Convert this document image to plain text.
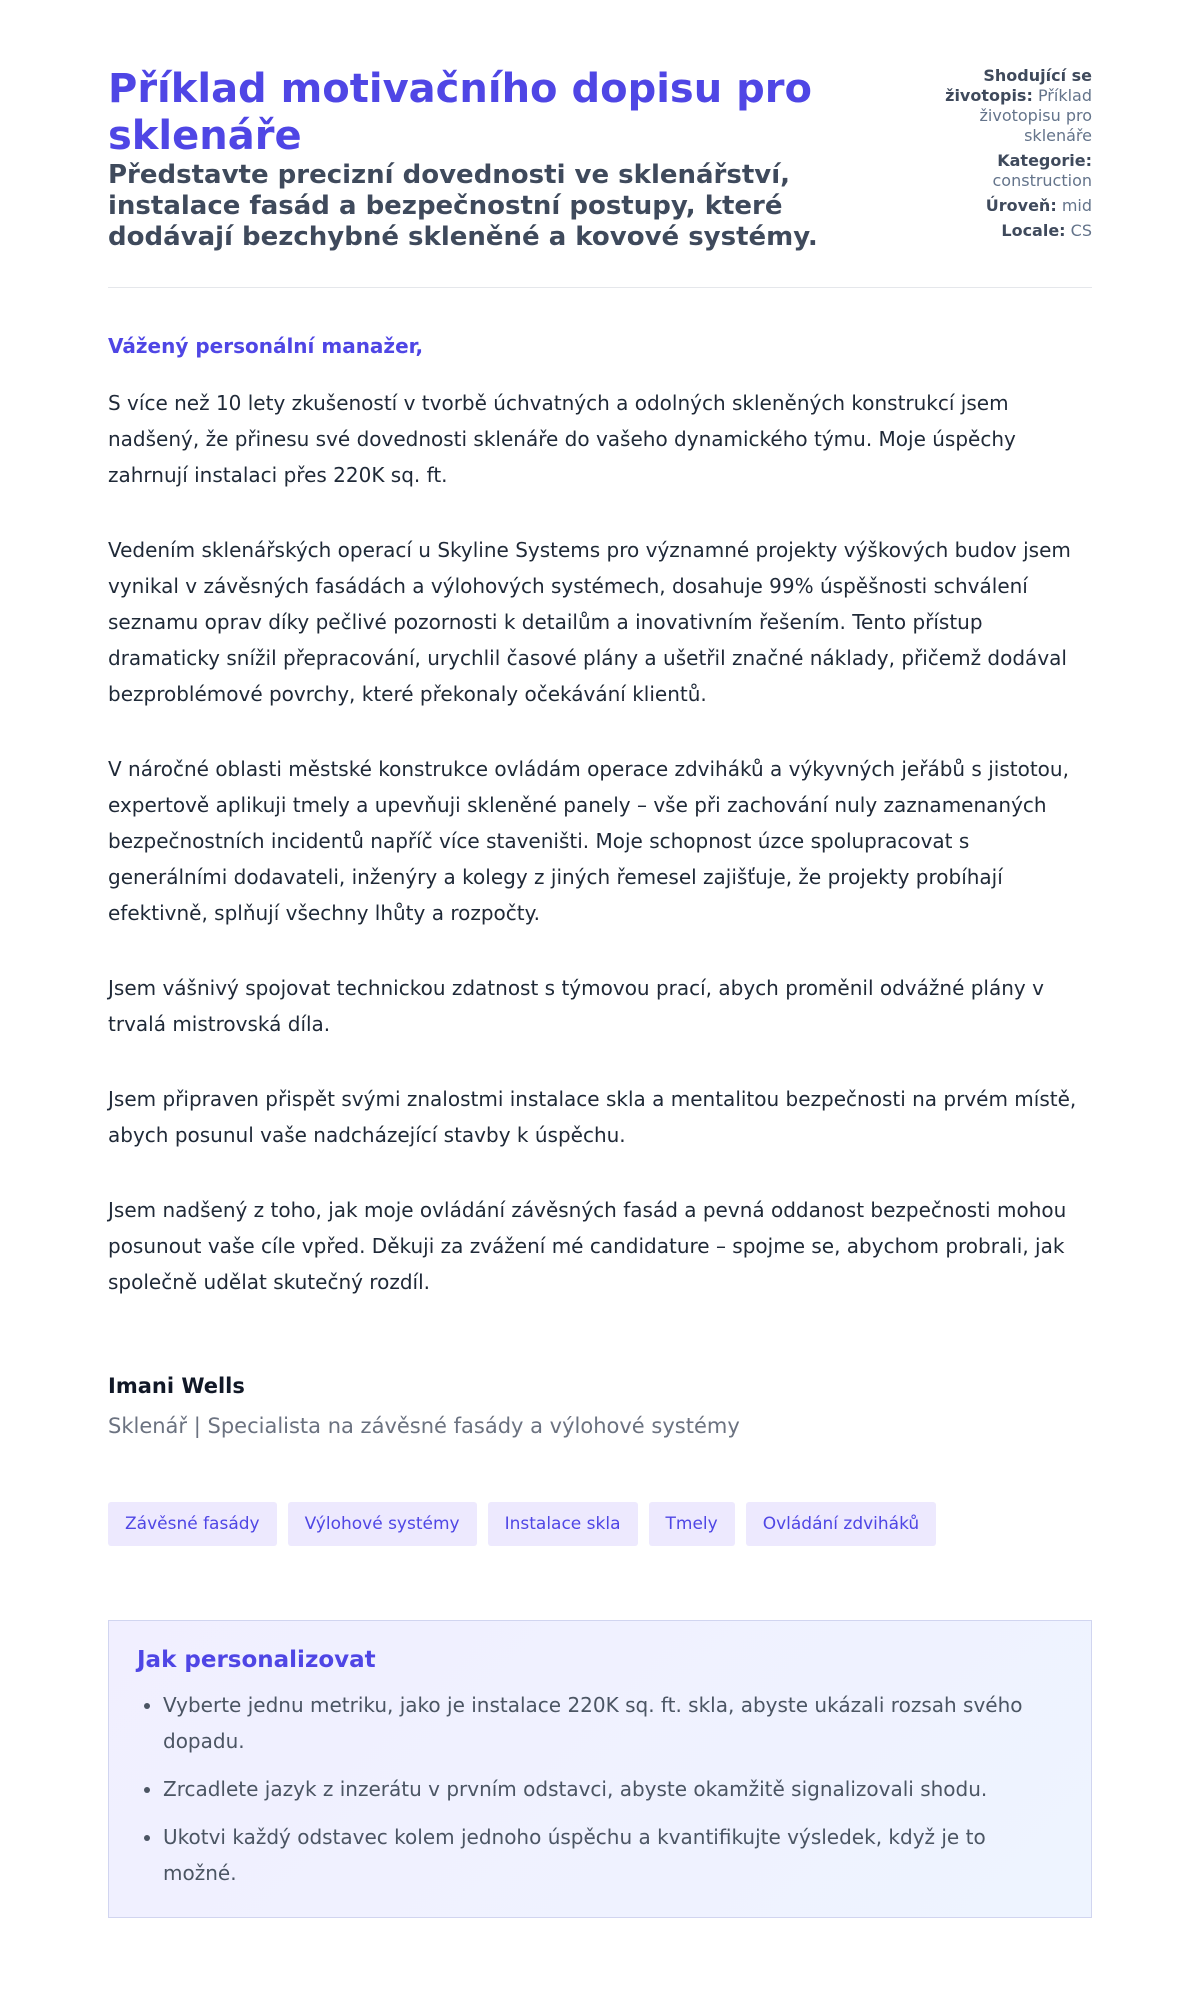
Příklad motivačního dopisu pro sklenáře

Představte precizní dovednosti ve sklenářství, instalace fasád a bezpečnostní postupy, které dodávají bezchybné skleněné a kovové systémy.

Shodující se životopis: Příklad životopisu pro sklenáře
Kategorie: construction
Úroveň: mid
Locale: CS

Vážený personální manažer,

S více než 10 lety zkušeností v tvorbě úchvatných a odolných skleněných konstrukcí jsem nadšený, že přinesu své dovednosti sklenáře do vašeho dynamického týmu. Moje úspěchy zahrnují instalaci přes 220K sq. ft.

Vedením sklenářských operací u Skyline Systems pro významné projekty výškových budov jsem vynikal v závěsných fasádách a výlohových systémech, dosahuje 99% úspěšnosti schválení seznamu oprav díky pečlivé pozornosti k detailům a inovativním řešením. Tento přístup dramaticky snížil přepracování, urychlil časové plány a ušetřil značné náklady, přičemž dodával bezproblémové povrchy, které překonaly očekávání klientů.

V náročné oblasti městské konstrukce ovládám operace zdviháků a výkyvných jeřábů s jistotou, expertově aplikuji tmely a upevňuji skleněné panely – vše při zachování nuly zaznamenaných bezpečnostních incidentů napříč více staveništi. Moje schopnost úzce spolupracovat s generálními dodavateli, inženýry a kolegy z jiných řemesel zajišťuje, že projekty probíhají efektivně, splňují všechny lhůty a rozpočty.

Jsem vášnivý spojovat technickou zdatnost s týmovou prací, abych proměnil odvážné plány v trvalá mistrovská díla.

Jsem připraven přispět svými znalostmi instalace skla a mentalitou bezpečnosti na prvém místě, abych posunul vaše nadcházející stavby k úspěchu.

Jsem nadšený z toho, jak moje ovládání závěsných fasád a pevná oddanost bezpečnosti mohou posunout vaše cíle vpřed. Děkuji za zvážení mé candidature – spojme se, abychom probrali, jak společně udělat skutečný rozdíl.

Imani Wells

Sklenář | Specialista na závěsné fasády a výlohové systémy

Závěsné fasády	Výlohové systémy	Instalace skla	Tmely	Ovládání zdviháků
Jak personalizovat
• Vyberte jednu metriku, jako je instalace 220K sq. ft. skla, abyste ukázali rozsah svého dopadu.
• Zrcadlete jazyk z inzerátu v prvním odstavci, abyste okamžitě signalizovali shodu.
• Ukotvi každý odstavec kolem jednoho úspěchu a kvantifikujte výsledek, když je to možné.
